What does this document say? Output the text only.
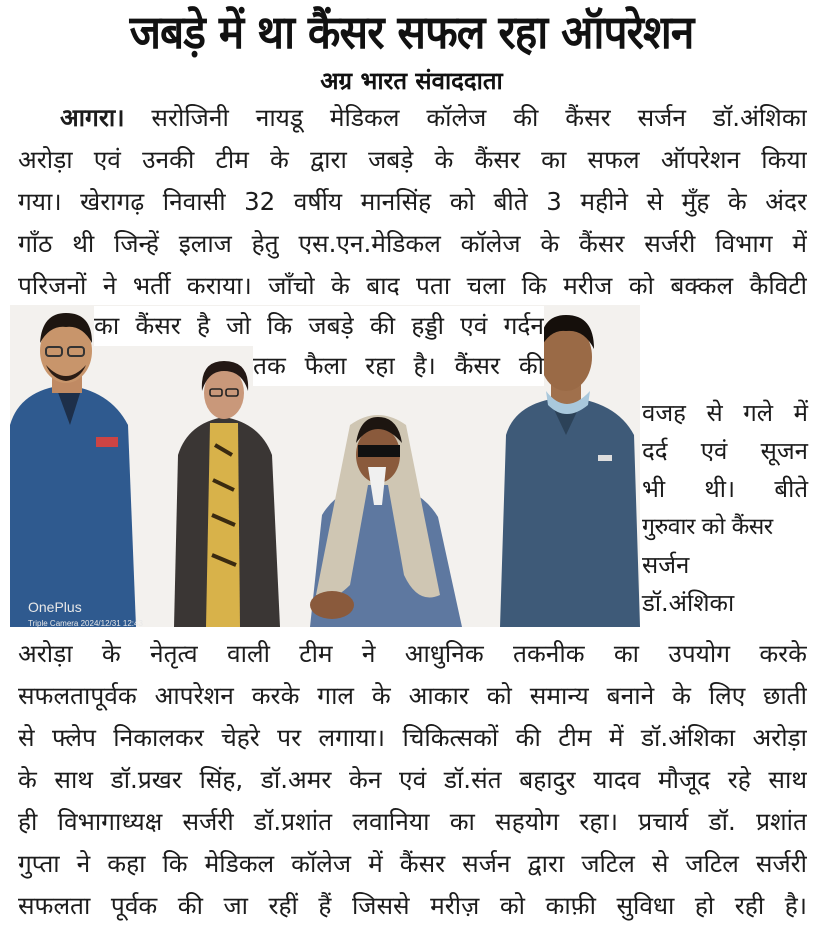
जबड़े में था कैंसर सफल रहा ऑपरेशन
अग्र भारत संवाददाता
आगरा। सरोजिनी नायडू मेडिकल कॉलेज की कैंसर सर्जन डॉ.अंशिका
अरोड़ा एवं उनकी टीम के द्वारा जबड़े के कैंसर का सफल ऑपरेशन किया
गया। खेरागढ़ निवासी 32 वर्षीय मानसिंह को बीते 3 महीने से मुँह के अंदर
गाँठ थी जिन्हें इलाज हेतु एस.एन.मेडिकल कॉलेज के कैंसर सर्जरी विभाग में
परिजनों ने भर्ती कराया। जाँचो के बाद पता चला कि मरीज को बक्कल कैविटी
OnePlus
Triple Camera 2024/12/31 12:43
का कैंसर है जो कि जबड़े की हड्डी एवं गर्दन
तक फैला रहा है। कैंसर की
वजह से गले में
दर्द एवं सूजन
भी थी। बीते
गुरुवार को कैंसर
सर्जन
डॉ.अंशिका
अरोड़ा के नेतृत्व वाली टीम ने आधुनिक तकनीक का उपयोग करके
सफलतापूर्वक आपरेशन करके गाल के आकार को समान्य बनाने के लिए छाती
से फ्लेप निकालकर चेहरे पर लगाया। चिकित्सकों की टीम में डॉ.अंशिका अरोड़ा
के साथ डॉ.प्रखर सिंह, डॉ.अमर केन एवं डॉ.संत बहादुर यादव मौजूद रहे साथ
ही विभागाध्यक्ष सर्जरी डॉ.प्रशांत लवानिया का सहयोग रहा। प्रचार्य डॉ. प्रशांत
गुप्ता ने कहा कि मेडिकल कॉलेज में कैंसर सर्जन द्वारा जटिल से जटिल सर्जरी
सफलता पूर्वक की जा रहीं हैं जिससे मरीज़ को काफ़ी सुविधा हो रही है।
